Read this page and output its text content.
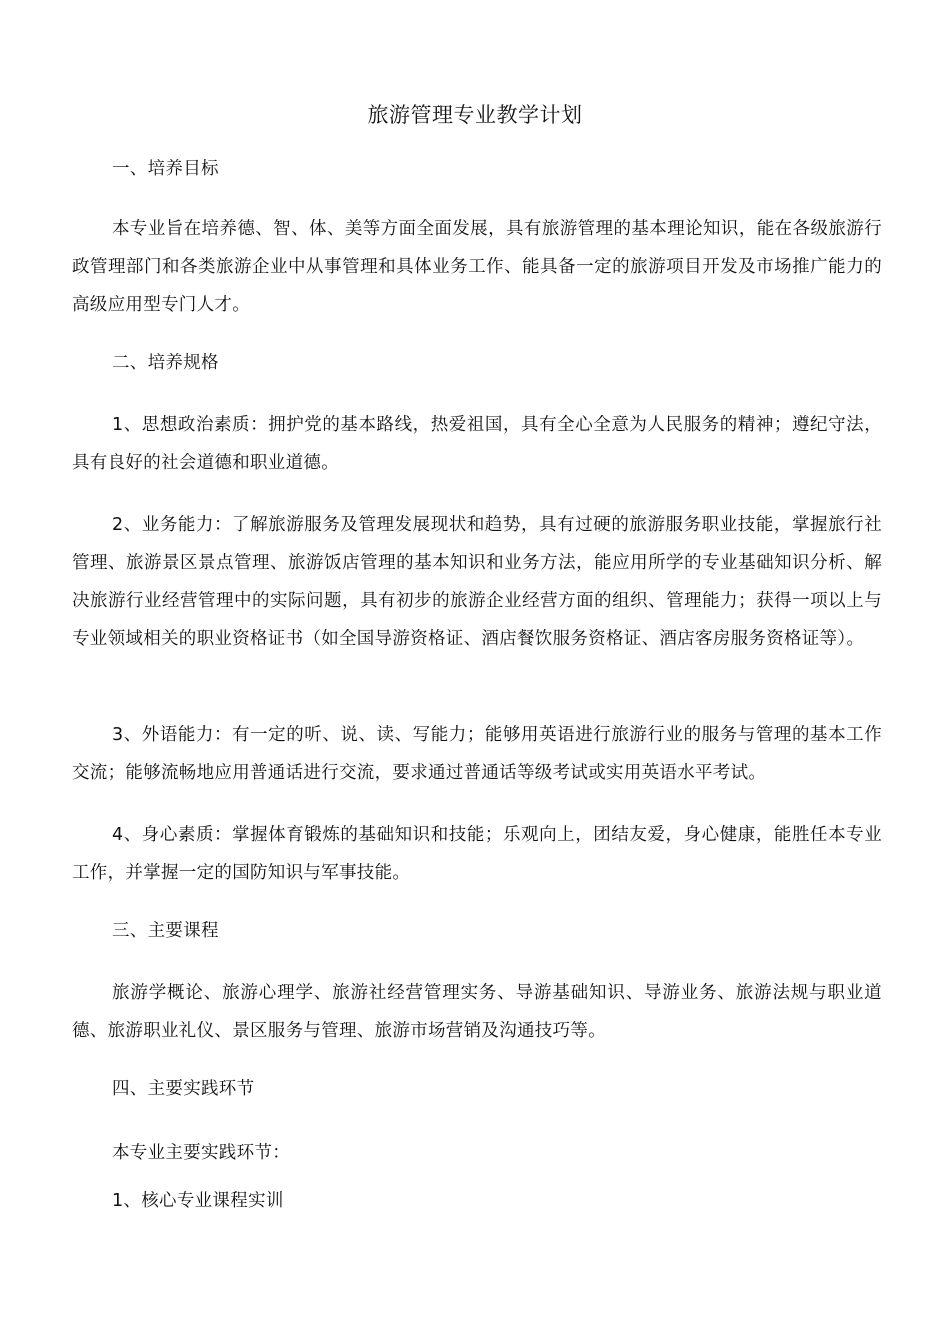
旅游管理专业教学计划
一、培养目标
本专业旨在培养德、智、体、美等方面全面发展，具有旅游管理的基本理论知识，能在各级旅游行政管理部门和各类旅游企业中从事管理和具体业务工作、能具备一定的旅游项目开发及市场推广能力的高级应用型专门人才。
二、培养规格
1、思想政治素质：拥护党的基本路线，热爱祖国，具有全心全意为人民服务的精神；遵纪守法，具有良好的社会道德和职业道德。
2、业务能力：了解旅游服务及管理发展现状和趋势，具有过硬的旅游服务职业技能，掌握旅行社管理、旅游景区景点管理、旅游饭店管理的基本知识和业务方法，能应用所学的专业基础知识分析、解决旅游行业经营管理中的实际问题，具有初步的旅游企业经营方面的组织、管理能力；获得一项以上与专业领域相关的职业资格证书（如全国导游资格证、酒店餐饮服务资格证、酒店客房服务资格证等）。
3、外语能力：有一定的听、说、读、写能力；能够用英语进行旅游行业的服务与管理的基本工作交流；能够流畅地应用普通话进行交流，要求通过普通话等级考试或实用英语水平考试。
4、身心素质：掌握体育锻炼的基础知识和技能；乐观向上，团结友爱，身心健康，能胜任本专业工作，并掌握一定的国防知识与军事技能。
三、主要课程
旅游学概论、旅游心理学、旅游社经营管理实务、导游基础知识、导游业务、旅游法规与职业道德、旅游职业礼仪、景区服务与管理、旅游市场营销及沟通技巧等。
四、主要实践环节
本专业主要实践环节：
1、核心专业课程实训
